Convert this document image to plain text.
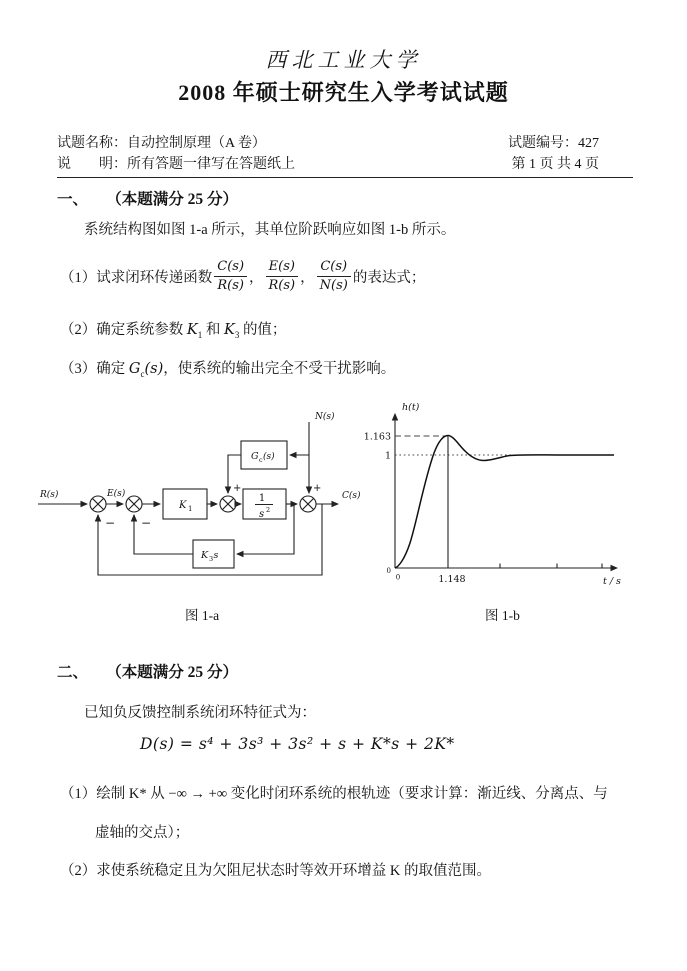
西北工业大学
2008 年硕士研究生入学考试试题
试题名称：自动控制原理（A 卷）	试题编号：427
说　　明：所有答题一律写在答题纸上	第 1 页 共 4 页
一、 （本题满分 25 分）
系统结构图如图 1-a 所示，其单位阶跃响应如图 1-b 所示。
（1）试求闭环传递函数 $\frac{C(s)}{R(s)}$ ， $\frac{E(s)}{R(s)}$ ， $\frac{C(s)}{N(s)}$ 的表达式；
（2）确定系统参数 $K_1$ 和 $K_3$ 的值；
（3）确定 $G_c(s)$，使系统的输出完全不受干扰影响。
K 1
1
s 2
G c (s)
K 3 s
R(s)	E(s)
N(s)
C(s)
+	+
− −
h(t)
1.163
1
1.148
0
0	t / s
图 1-a	图 1-b
二、 （本题满分 25 分）
已知负反馈控制系统闭环特征式为：
D(s) = s⁴ + 3s³ + 3s² + s + K*s + 2K*
（1）绘制 K* 从 −∞ → +∞ 变化时闭环系统的根轨迹（要求计算：渐近线、分离点、与
虚轴的交点）；
（2）求使系统稳定且为欠阻尼状态时等效开环增益 K 的取值范围。
